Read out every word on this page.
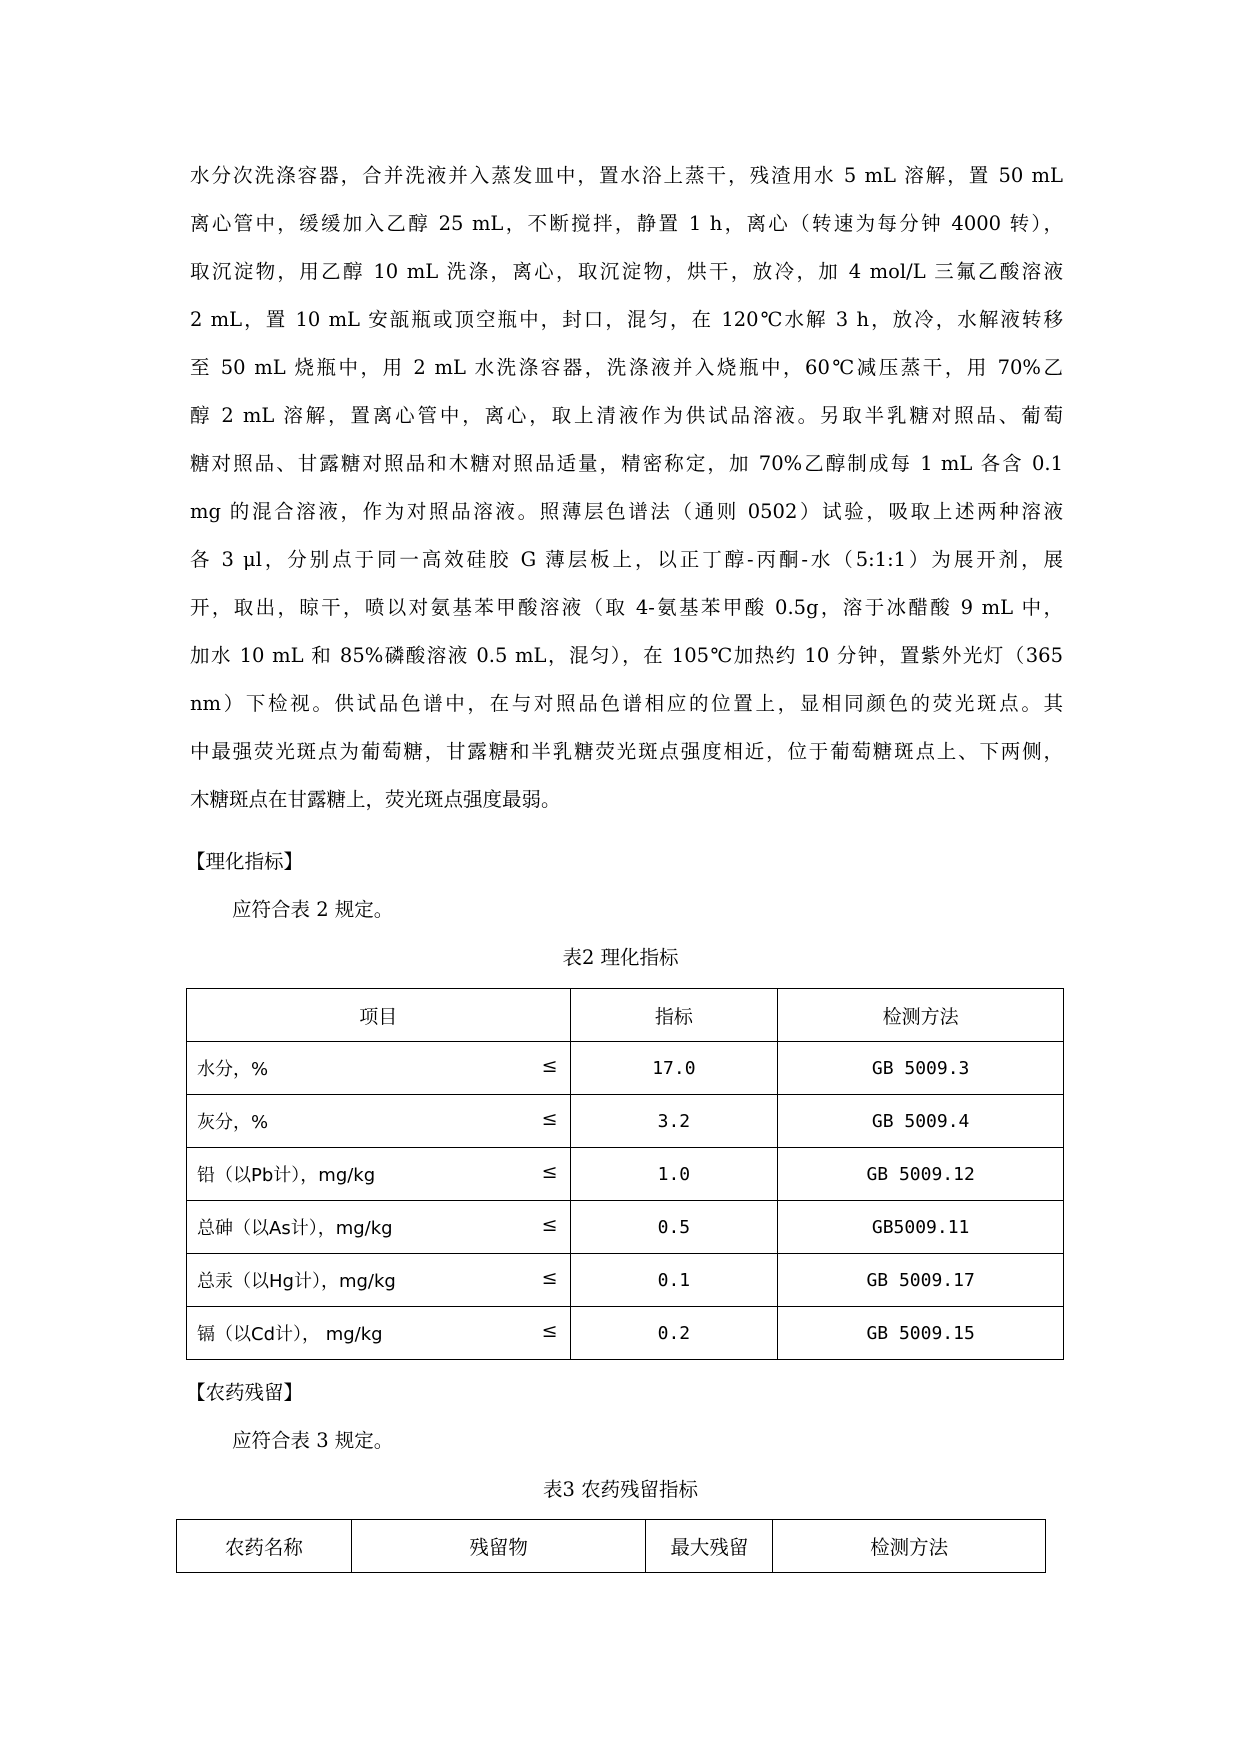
水分次洗涤容器，合并洗液并入蒸发皿中，置水浴上蒸干，残渣用水 5 mL 溶解，置 50 mL
离心管中，缓缓加入乙醇 25 mL，不断搅拌，静置 1 h，离心（转速为每分钟 4000 转），
取沉淀物，用乙醇 10 mL 洗涤，离心，取沉淀物，烘干，放冷，加 4 mol/L 三氟乙酸溶液
2 mL，置 10 mL 安瓿瓶或顶空瓶中，封口，混匀，在 120℃水解 3 h，放冷，水解液转移
至 50 mL 烧瓶中，用 2 mL 水洗涤容器，洗涤液并入烧瓶中，60℃减压蒸干，用 70%乙
醇 2 mL 溶解，置离心管中，离心，取上清液作为供试品溶液。另取半乳糖对照品、葡萄
糖对照品、甘露糖对照品和木糖对照品适量，精密称定，加 70%乙醇制成每 1 mL 各含 0.1
mg 的混合溶液，作为对照品溶液。照薄层色谱法（通则 0502）试验，吸取上述两种溶液
各 3 μl，分别点于同一高效硅胶 G 薄层板上，以正丁醇-丙酮-水（5:1:1）为展开剂，展
开，取出，晾干，喷以对氨基苯甲酸溶液（取 4-氨基苯甲酸 0.5g，溶于冰醋酸 9 mL 中，
加水 10 mL 和 85%磷酸溶液 0.5 mL，混匀），在 105℃加热约 10 分钟，置紫外光灯（365
nm）下检视。供试品色谱中，在与对照品色谱相应的位置上，显相同颜色的荧光斑点。其
中最强荧光斑点为葡萄糖，甘露糖和半乳糖荧光斑点强度相近，位于葡萄糖斑点上、下两侧，
木糖斑点在甘露糖上，荧光斑点强度最弱。

【理化指标】

应符合表 2 规定。

表2 理化指标

项目	指标	检测方法
水分，% ≤	17.0	GB 5009.3
灰分，% ≤	3.2	GB 5009.4
铅（以Pb计），mg/kg ≤	1.0	GB 5009.12
总砷（以As计），mg/kg ≤	0.5	GB5009.11
总汞（以Hg计），mg/kg ≤	0.1	GB 5009.17
镉（以Cd计）， mg/kg ≤	0.2	GB 5009.15

【农药残留】

应符合表 3 规定。

表3 农药残留指标

农药名称	残留物	最大残留	检测方法
